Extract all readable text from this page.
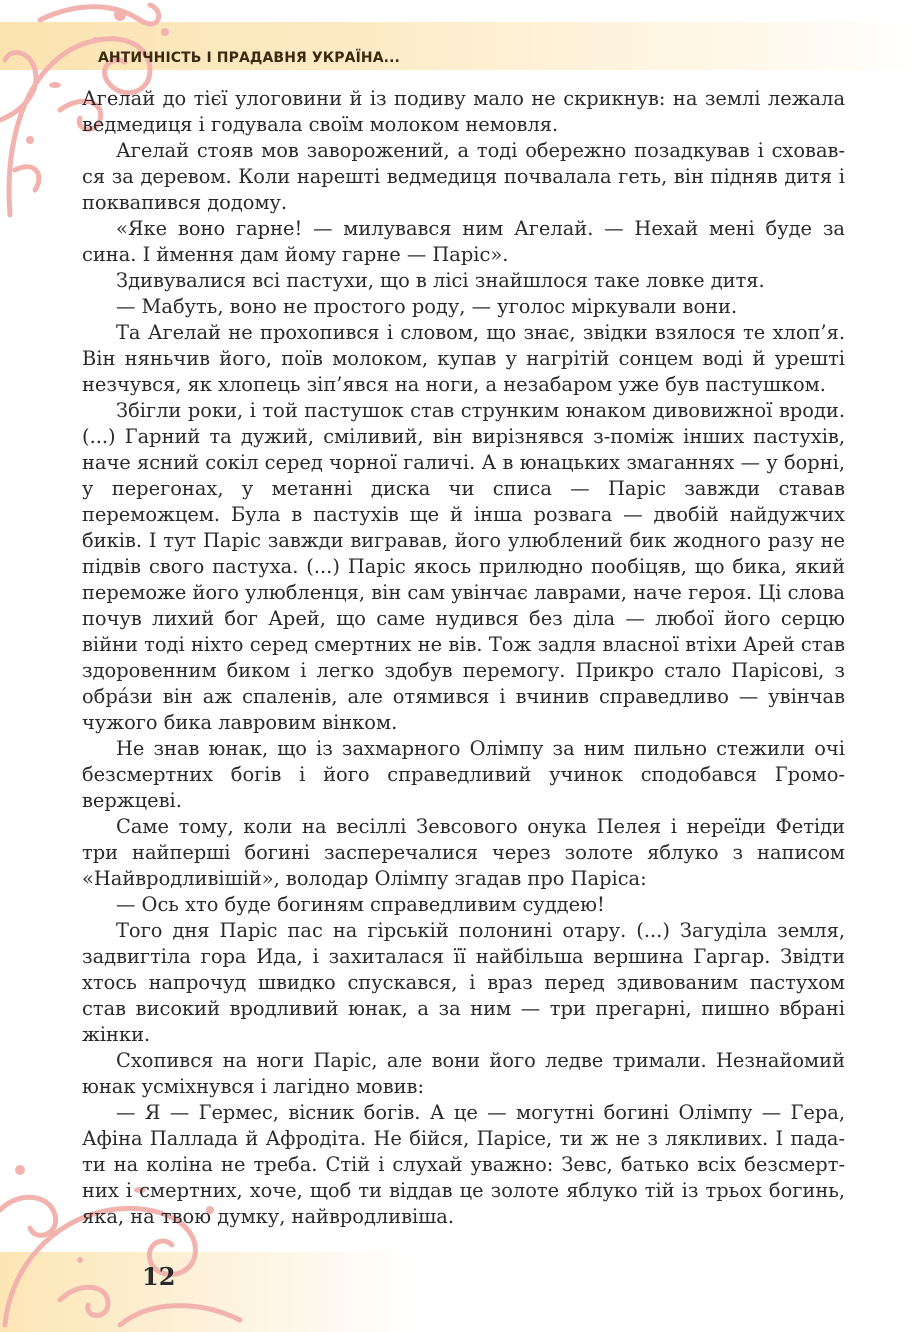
АНТИЧНІСТЬ І ПРАДАВНЯ УКРАЇНА...
12

Агелай до тієї улоговини й із подиву мало не скрикнув: на землі лежала ведмедиця і годувала своїм молоком немовля.

Агелай стояв мов заворожений, а тоді обережно позадкував і сховався за деревом. Коли нарешті ведмедиця почвалала геть, він підняв дитя і поквапився додому.

«Яке воно гарне! — милувався ним Агелай. — Нехай мені буде за сина. І ймення дам йому гарне — Паріс».

Здивувалися всі пастухи, що в лісі знайшлося таке ловке дитя.

— Мабуть, воно не простого роду, — уголос міркували вони.

Та Агелай не прохопився і словом, що знає, звідки взялося те хлоп’я. Він няньчив його, поїв молоком, купав у нагрітій сонцем воді й урешті незчувся, як хлопець зіп’явся на ноги, а незабаром уже був пастушком.

Збігли роки, і той пастушок став струнким юнаком дивовижної вроди. (...) Гарний та дужий, сміливий, він вирізнявся з-поміж інших пастухів, наче ясний сокіл серед чорної галичі. А в юнацьких змаганнях — у борні, у перегонах, у метанні диска чи списа — Паріс завжди ставав переможцем. Була в пастухів ще й інша розвага — двобій найдужчих биків. І тут Паріс завжди вигравав, його улюблений бик жодного разу не підвів свого пастуха. (...) Паріс якось прилюдно пообіцяв, що бика, який переможе його улюбленця, він сам увінчає лаврами, наче героя. Ці слова почув лихий бог Арей, що саме нудився без діла — любої його серцю війни тоді ніхто серед смертних не вів. Тож задля власної втіхи Арей став здоровенним биком і легко здобув перемогу. Прикро стало Парісові, з обрáзи він аж спаленів, але отямився і вчинив справедливо — увінчав чужого бика лавровим вінком.

Не знав юнак, що із захмарного Олімпу за ним пильно стежили очі безсмертних богів і його справедливий учинок сподобався Громовержцеві.

Саме тому, коли на весіллі Зевсового онука Пелея і нереїди Фетіди три найперші богині засперечалися через золоте яблуко з написом «Найвродливішій», володар Олімпу згадав про Паріса:

— Ось хто буде богиням справедливим суддею!

Того дня Паріс пас на гірській полонині отару. (...) Загуділа земля, задвигтіла гора Ида, і захиталася її найбільша вершина Гаргар. Звідти хтось напрочуд швидко спускався, і враз перед здивованим пастухом став високий вродливий юнак, а за ним — три прегарні, пишно вбрані жінки.

Схопився на ноги Паріс, але вони його ледве тримали. Незнайомий юнак усміхнувся і лагідно мовив:

— Я — Гермес, вісник богів. А це — могутні богині Олімпу — Гера, Афіна Паллада й Афродіта. Не бійся, Парісе, ти ж не з лякливих. І падати на коліна не треба. Стій і слухай уважно: Зевс, батько всіх безсмертних і смертних, хоче, щоб ти віддав це золоте яблуко тій із трьох богинь, яка, на твою думку, найвродливіша.
